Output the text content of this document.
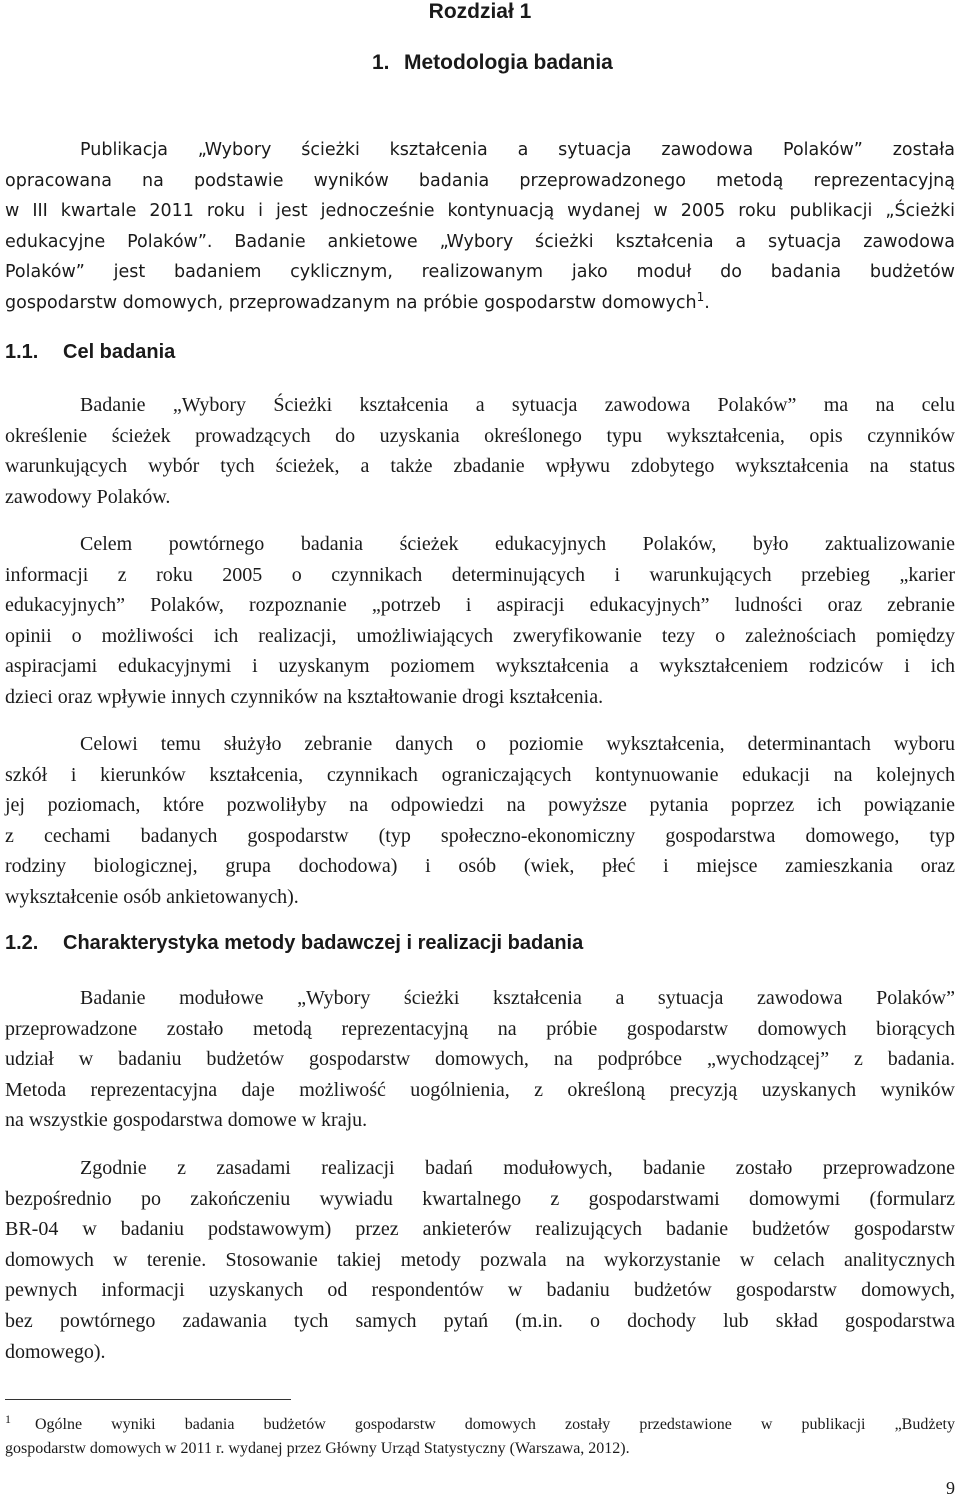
Rozdział 1
1. Metodologia badania
Publikacja „Wybory ścieżki kształcenia a sytuacja zawodowa Polaków” została
opracowana na podstawie wyników badania przeprowadzonego metodą reprezentacyjną
w III kwartale 2011 roku i jest jednocześnie kontynuacją wydanej w 2005 roku publikacji „Ścieżki
edukacyjne Polaków”. Badanie ankietowe „Wybory ścieżki kształcenia a sytuacja zawodowa
Polaków” jest badaniem cyklicznym, realizowanym jako moduł do badania budżetów
gospodarstw domowych, przeprowadzanym na próbie gospodarstw domowych$^1$.
1.1. Cel badania
Badanie „Wybory Ścieżki kształcenia a sytuacja zawodowa Polaków” ma na celu
określenie ścieżek prowadzących do uzyskania określonego typu wykształcenia, opis czynników
warunkujących wybór tych ścieżek, a także zbadanie wpływu zdobytego wykształcenia na status
zawodowy Polaków.
Celem powtórnego badania ścieżek edukacyjnych Polaków, było zaktualizowanie
informacji z roku 2005 o czynnikach determinujących i warunkujących przebieg „karier
edukacyjnych” Polaków, rozpoznanie „potrzeb i aspiracji edukacyjnych” ludności oraz zebranie
opinii o możliwości ich realizacji, umożliwiających zweryfikowanie tezy o zależnościach pomiędzy
aspiracjami edukacyjnymi i uzyskanym poziomem wykształcenia a wykształceniem rodziców i ich
dzieci oraz wpływie innych czynników na kształtowanie drogi kształcenia.
Celowi temu służyło zebranie danych o poziomie wykształcenia, determinantach wyboru
szkół i kierunków kształcenia, czynnikach ograniczających kontynuowanie edukacji na kolejnych
jej poziomach, które pozwoliłyby na odpowiedzi na powyższe pytania poprzez ich powiązanie
z cechami badanych gospodarstw (typ społeczno-ekonomiczny gospodarstwa domowego, typ
rodziny biologicznej, grupa dochodowa) i osób (wiek, płeć i miejsce zamieszkania oraz
wykształcenie osób ankietowanych).
1.2. Charakterystyka metody badawczej i realizacji badania
Badanie modułowe „Wybory ścieżki kształcenia a sytuacja zawodowa Polaków”
przeprowadzone zostało metodą reprezentacyjną na próbie gospodarstw domowych biorących
udział w badaniu budżetów gospodarstw domowych, na podpróbce „wychodzącej” z badania.
Metoda reprezentacyjna daje możliwość uogólnienia, z określoną precyzją uzyskanych wyników
na wszystkie gospodarstwa domowe w kraju.
Zgodnie z zasadami realizacji badań modułowych, badanie zostało przeprowadzone
bezpośrednio po zakończeniu wywiadu kwartalnego z gospodarstwami domowymi (formularz
BR-04 w badaniu podstawowym) przez ankieterów realizujących badanie budżetów gospodarstw
domowych w terenie. Stosowanie takiej metody pozwala na wykorzystanie w celach analitycznych
pewnych informacji uzyskanych od respondentów w badaniu budżetów gospodarstw domowych,
bez powtórnego zadawania tych samych pytań (m.in. o dochody lub skład gospodarstwa
domowego).
1 Ogólne wyniki badania budżetów gospodarstw domowych zostały przedstawione w publikacji „Budżety
gospodarstw domowych w 2011 r. wydanej przez Główny Urząd Statystyczny (Warszawa, 2012).
9
